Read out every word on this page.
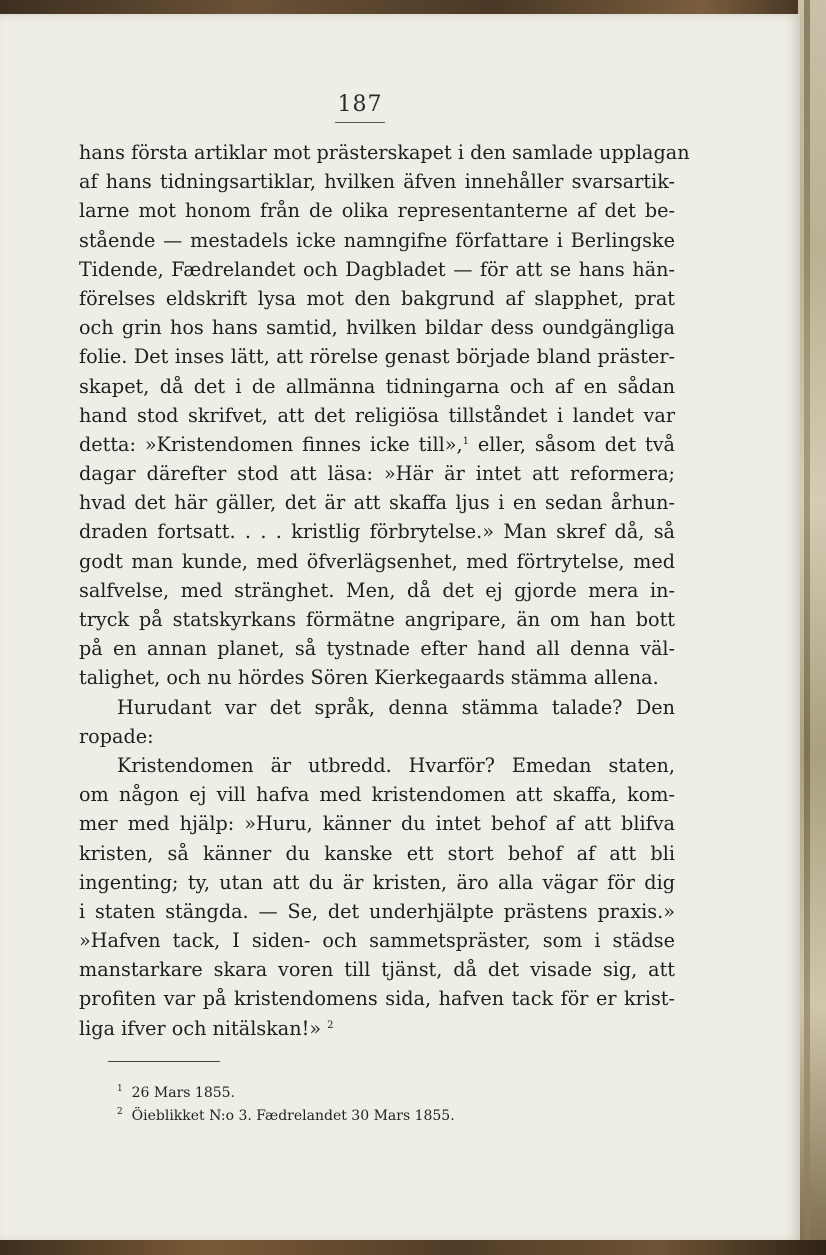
187
hans första artiklar mot prästerskapet i den samlade upplagan
af hans tidningsartiklar, hvilken äfven innehåller svarsartik-
larne mot honom från de olika representanterne af det be-
stående — mestadels icke namngifne författare i Berlingske
Tidende, Fædrelandet och Dagbladet — för att se hans hän-
förelses eldskrift lysa mot den bakgrund af slapphet, prat
och grin hos hans samtid, hvilken bildar dess oundgängliga
folie. Det inses lätt, att rörelse genast började bland präster-
skapet, då det i de allmänna tidningarna och af en sådan
hand stod skrifvet, att det religiösa tillståndet i landet var
detta: »Kristendomen finnes icke till»,$^1$ eller, såsom det två
dagar därefter stod att läsa: »Här är intet att reformera;
hvad det här gäller, det är att skaffa ljus i en sedan århun-
draden fortsatt. . . . kristlig förbrytelse.» Man skref då, så
godt man kunde, med öfverlägsenhet, med förtrytelse, med
salfvelse, med stränghet. Men, då det ej gjorde mera in-
tryck på statskyrkans förmätne angripare, än om han bott
på en annan planet, så tystnade efter hand all denna väl-
talighet, och nu hördes Sören Kierkegaards stämma allena.
Hurudant var det språk, denna stämma talade? Den
ropade:
Kristendomen är utbredd. Hvarför? Emedan staten,
om någon ej vill hafva med kristendomen att skaffa, kom-
mer med hjälp: »Huru, känner du intet behof af att blifva
kristen, så känner du kanske ett stort behof af att bli
ingenting; ty, utan att du är kristen, äro alla vägar för dig
i staten stängda. — Se, det underhjälpte prästens praxis.»
»Hafven tack, I siden- och sammetspräster, som i städse
manstarkare skara voren till tjänst, då det visade sig, att
profiten var på kristendomens sida, hafven tack för er krist-
liga ifver och nitälskan!» $^2$
$^1$ 26 Mars 1855.
$^2$ Öieblikket N:o 3. Fædrelandet 30 Mars 1855.
